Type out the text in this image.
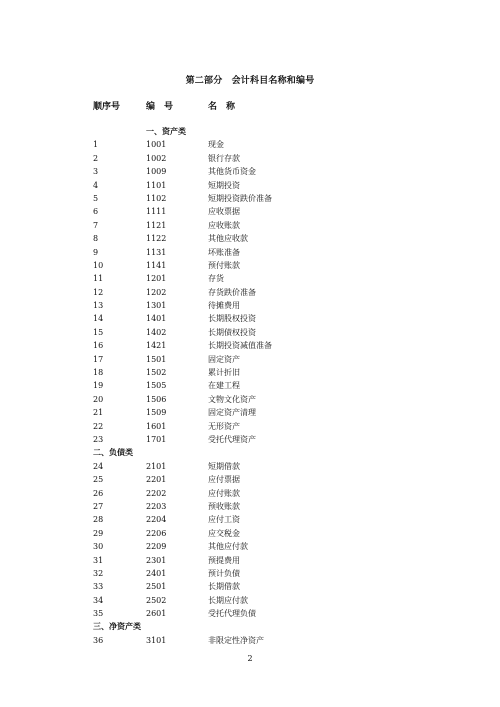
第二部分　会计科目名称和编号
顺序号	编　号	名　称
一、资产类
1	1001	现金
2	1002	银行存款
3	1009	其他货币资金
4	1101	短期投资
5	1102	短期投资跌价准备
6	1111	应收票据
7	1121	应收账款
8	1122	其他应收款
9	1131	坏账准备
10	1141	预付账款
11	1201	存货
12	1202	存货跌价准备
13	1301	待摊费用
14	1401	长期股权投资
15	1402	长期债权投资
16	1421	长期投资减值准备
17	1501	固定资产
18	1502	累计折旧
19	1505	在建工程
20	1506	文物文化资产
21	1509	固定资产清理
22	1601	无形资产
23	1701	受托代理资产
二、负债类
24	2101	短期借款
25	2201	应付票据
26	2202	应付账款
27	2203	预收账款
28	2204	应付工资
29	2206	应交税金
30	2209	其他应付款
31	2301	预提费用
32	2401	预计负债
33	2501	长期借款
34	2502	长期应付款
35	2601	受托代理负债
三、净资产类
36	3101	非限定性净资产
2
